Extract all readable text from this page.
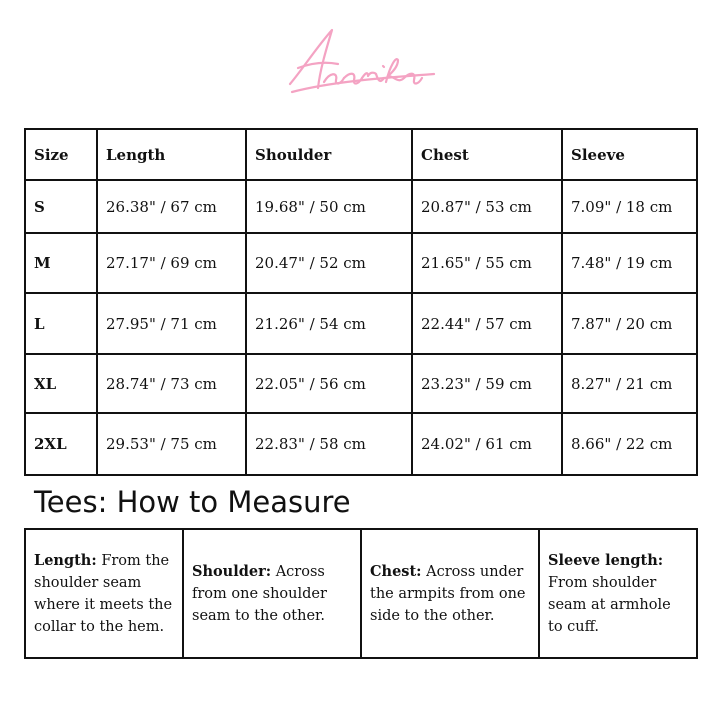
Size	Length	Shoulder	Chest	Sleeve
S	26.38" / 67 cm	19.68" / 50 cm	20.87" / 53 cm	7.09" / 18 cm
M	27.17" / 69 cm	20.47" / 52 cm	21.65" / 55 cm	7.48" / 19 cm
L	27.95" / 71 cm	21.26" / 54 cm	22.44" / 57 cm	7.87" / 20 cm
XL	28.74" / 73 cm	22.05" / 56 cm	23.23" / 59 cm	8.27" / 21 cm
2XL	29.53" / 75 cm	22.83" / 58 cm	24.02" / 61 cm	8.66" / 22 cm
Tees: How to Measure
Length: From the shoulder seam where it meets the collar to the hem.	Shoulder: Across from one shoulder seam to the other.	Chest: Across under the armpits from one side to the other.	Sleeve length:
From shoulder seam at armhole to cuff.
